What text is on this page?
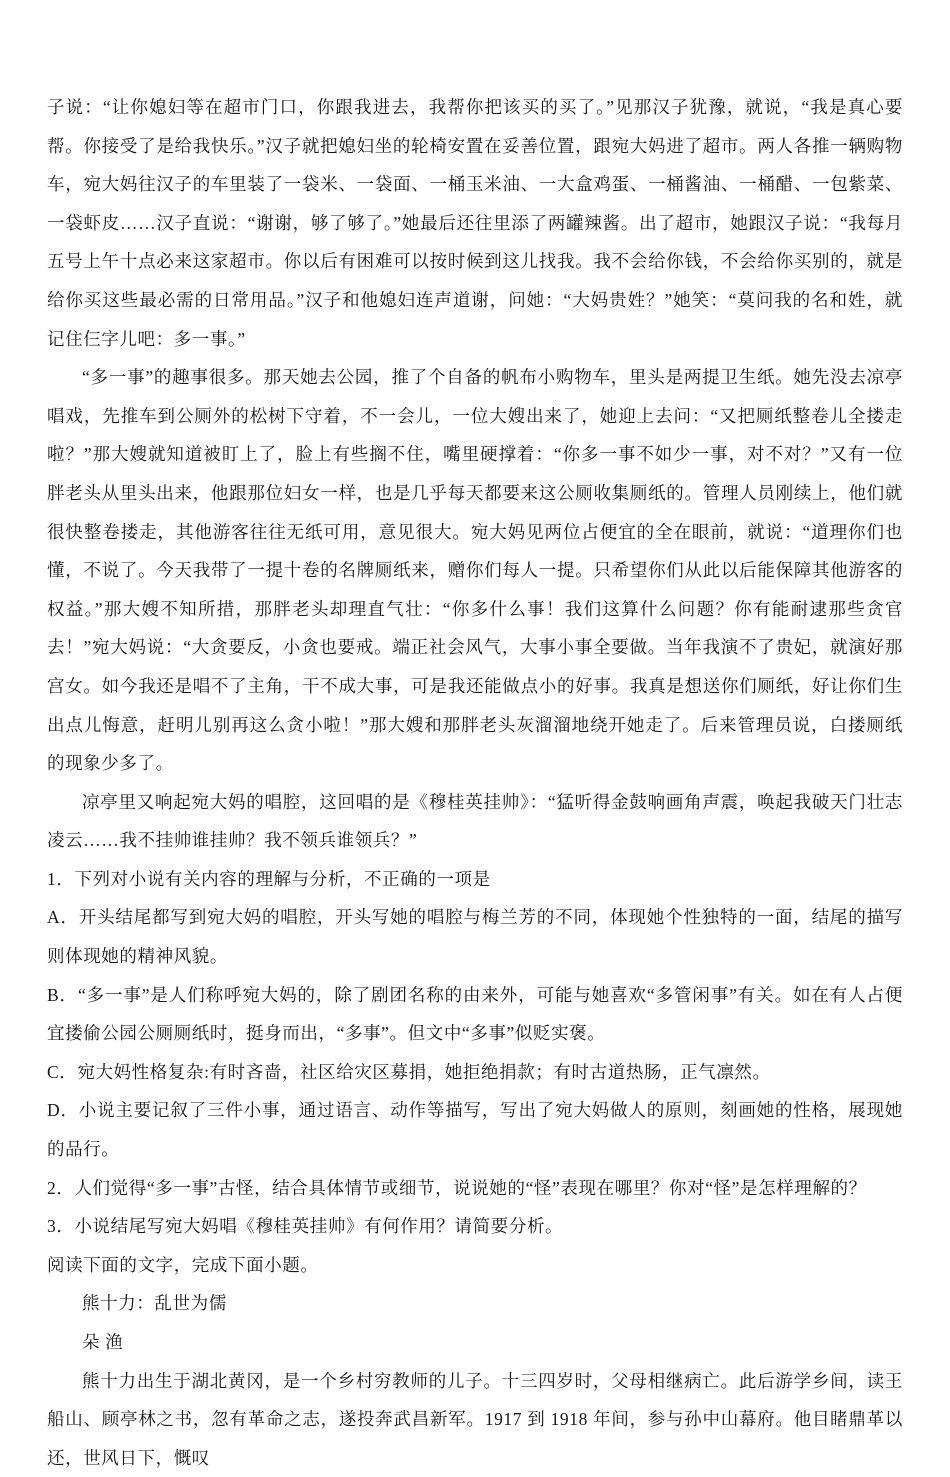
子说：“让你媳妇等在超市门口，你跟我进去，我帮你把该买的买了。”见那汉子犹豫，就说，“我是真心要帮。你接受了是给我快乐。”汉子就把媳妇坐的轮椅安置在妥善位置，跟宛大妈进了超市。两人各推一辆购物车，宛大妈往汉子的车里装了一袋米、一袋面、一桶玉米油、一大盒鸡蛋、一桶酱油、一桶醋、一包紫菜、一袋虾皮……汉子直说：“谢谢，够了够了。”她最后还往里添了两罐辣酱。出了超市，她跟汉子说：“我每月五号上午十点必来这家超市。你以后有困难可以按时候到这儿找我。我不会给你钱，不会给你买别的，就是给你买这些最必需的日常用品。”汉子和他媳妇连声道谢，问她：“大妈贵姓？”她笑：“莫问我的名和姓，就记住仨字儿吧：多一事。”

“多一事”的趣事很多。那天她去公园，推了个自备的帆布小购物车，里头是两提卫生纸。她先没去凉亭唱戏，先推车到公厕外的松树下守着，不一会儿，一位大嫂出来了，她迎上去问：“又把厕纸整卷儿全搂走啦？”那大嫂就知道被盯上了，脸上有些搁不住，嘴里硬撑着：“你多一事不如少一事，对不对？”又有一位胖老头从里头出来，他跟那位妇女一样，也是几乎每天都要来这公厕收集厕纸的。管理人员刚续上，他们就很快整卷搂走，其他游客往往无纸可用，意见很大。宛大妈见两位占便宜的全在眼前，就说：“道理你们也懂，不说了。今天我带了一提十卷的名牌厕纸来，赠你们每人一提。只希望你们从此以后能保障其他游客的权益。”那大嫂不知所措，那胖老头却理直气壮：“你多什么事！我们这算什么问题？你有能耐逮那些贪官去！”宛大妈说：“大贪要反，小贪也要戒。端正社会风气，大事小事全要做。当年我演不了贵妃，就演好那宫女。如今我还是唱不了主角，干不成大事，可是我还能做点小的好事。我真是想送你们厕纸，好让你们生出点儿悔意，赶明儿别再这么贪小啦！”那大嫂和那胖老头灰溜溜地绕开她走了。后来管理员说，白搂厕纸的现象少多了。

凉亭里又响起宛大妈的唱腔，这回唱的是《穆桂英挂帅》：“猛听得金鼓响画角声震，唤起我破天门壮志凌云……我不挂帅谁挂帅？我不领兵谁领兵？”

1．下列对小说有关内容的理解与分析，不正确的一项是

A．开头结尾都写到宛大妈的唱腔，开头写她的唱腔与梅兰芳的不同，体现她个性独特的一面，结尾的描写则体现她的精神风貌。

B．“多一事”是人们称呼宛大妈的，除了剧团名称的由来外，可能与她喜欢“多管闲事”有关。如在有人占便宜搂偷公园公厕厕纸时，挺身而出，“多事”。但文中“多事”似贬实褒。

C．宛大妈性格复杂:有时吝啬，社区给灾区募捐，她拒绝捐款；有时古道热肠，正气凛然。

D．小说主要记叙了三件小事，通过语言、动作等描写，写出了宛大妈做人的原则，刻画她的性格，展现她的品行。

2．人们觉得“多一事”古怪，结合具体情节或细节，说说她的“怪”表现在哪里？你对“怪”是怎样理解的？

3．小说结尾写宛大妈唱《穆桂英挂帅》有何作用？请简要分析。

阅读下面的文字，完成下面小题。

熊十力：乱世为儒

朵 渔

熊十力出生于湖北黄冈，是一个乡村穷教师的儿子。十三四岁时，父母相继病亡。此后游学乡间，读王船山、顾亭林之书，忽有革命之志，遂投奔武昌新军。1917 到 1918 年间，参与孙中山幕府。他目睹鼎革以还，世风日下，慨叹
